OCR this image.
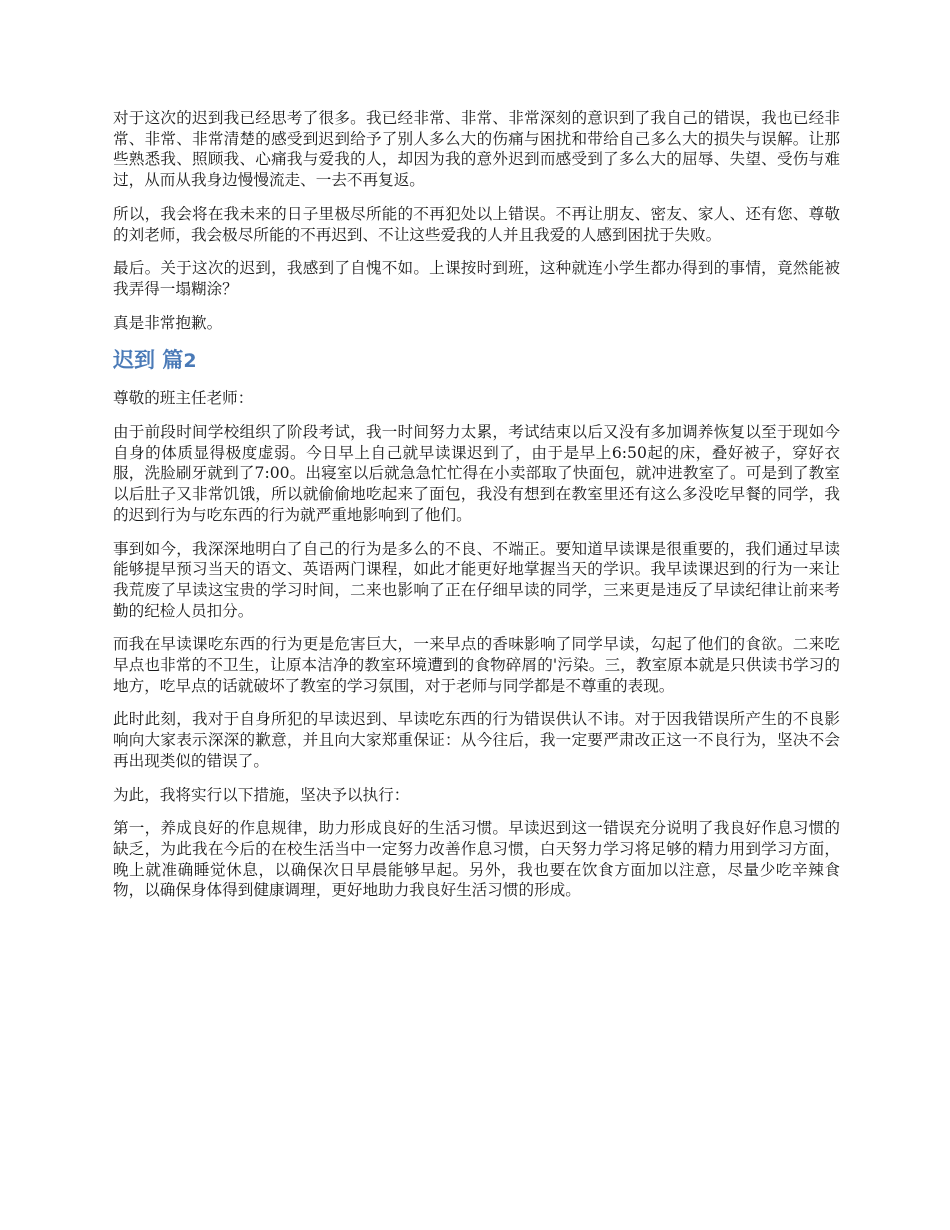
对于这次的迟到我已经思考了很多。我已经非常、非常、非常深刻的意识到了我自己的错误，我也已经非常、非常、非常清楚的感受到迟到给予了别人多么大的伤痛与困扰和带给自己多么大的损失与误解。让那些熟悉我、照顾我、心痛我与爱我的人，却因为我的意外迟到而感受到了多么大的屈辱、失望、受伤与难过，从而从我身边慢慢流走、一去不再复返。

所以，我会将在我未来的日子里极尽所能的不再犯处以上错误。不再让朋友、密友、家人、还有您、尊敬的刘老师，我会极尽所能的不再迟到、不让这些爱我的人并且我爱的人感到困扰于失败。

最后。关于这次的迟到，我感到了自愧不如。上课按时到班，这种就连小学生都办得到的事情，竟然能被我弄得一塌糊涂？

真是非常抱歉。

迟到 篇2

尊敬的班主任老师：

由于前段时间学校组织了阶段考试，我一时间努力太累，考试结束以后又没有多加调养恢复以至于现如今自身的体质显得极度虚弱。今日早上自己就早读课迟到了，由于是早上6:50起的床，叠好被子，穿好衣服，洗脸刷牙就到了7:00。出寝室以后就急急忙忙得在小卖部取了快面包，就冲进教室了。可是到了教室以后肚子又非常饥饿，所以就偷偷地吃起来了面包，我没有想到在教室里还有这么多没吃早餐的同学，我的迟到行为与吃东西的行为就严重地影响到了他们。

事到如今，我深深地明白了自己的行为是多么的不良、不端正。要知道早读课是很重要的，我们通过早读能够提早预习当天的语文、英语两门课程，如此才能更好地掌握当天的学识。我早读课迟到的行为一来让我荒废了早读这宝贵的学习时间，二来也影响了正在仔细早读的同学，三来更是违反了早读纪律让前来考勤的纪检人员扣分。

而我在早读课吃东西的行为更是危害巨大，一来早点的香味影响了同学早读，勾起了他们的食欲。二来吃早点也非常的不卫生，让原本洁净的教室环境遭到的食物碎屑的'污染。三，教室原本就是只供读书学习的地方，吃早点的话就破坏了教室的学习氛围，对于老师与同学都是不尊重的表现。

此时此刻，我对于自身所犯的早读迟到、早读吃东西的行为错误供认不讳。对于因我错误所产生的不良影响向大家表示深深的歉意，并且向大家郑重保证：从今往后，我一定要严肃改正这一不良行为，坚决不会再出现类似的错误了。

为此，我将实行以下措施，坚决予以执行：

第一，养成良好的作息规律，助力形成良好的生活习惯。早读迟到这一错误充分说明了我良好作息习惯的缺乏，为此我在今后的在校生活当中一定努力改善作息习惯，白天努力学习将足够的精力用到学习方面，晚上就准确睡觉休息，以确保次日早晨能够早起。另外，我也要在饮食方面加以注意，尽量少吃辛辣食物，以确保身体得到健康调理，更好地助力我良好生活习惯的形成。
